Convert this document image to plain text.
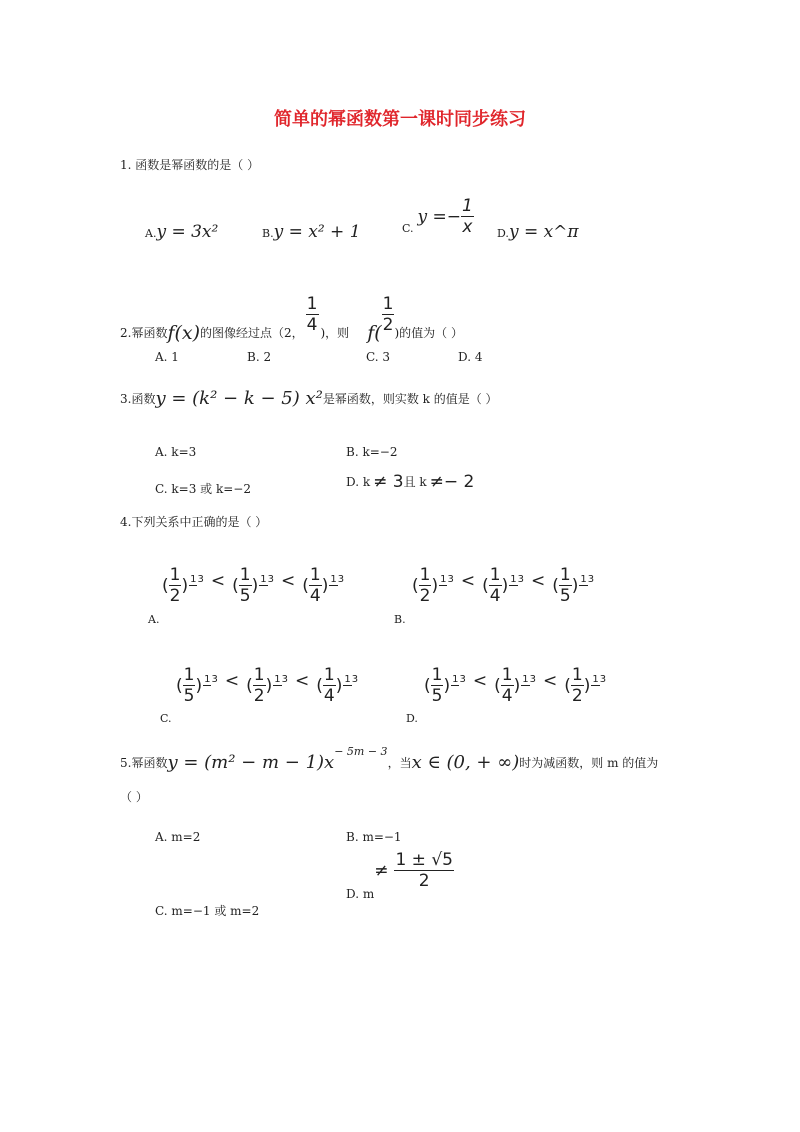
简单的幂函数第一课时同步练习
1. 函数是幂函数的是（ ）
A.y = 3x²	B.y = x² + 1	C.
$y =- \frac{1}{x} D.y$ = x^π
2.幂函数 f(x) 的图像经过点（2， $\frac{1}{4}$ )，则 $f( \frac{1}{2}$ )的值为（ ）
A. 1	B. 2	C. 3	D. 4
3.函数 y = (k² − k − 5) x² 是幂函数，则实数 k 的值是（ ）
A. k=3	B. k=−2
C. k=3 或 k=−2	D. k ≠ 3 且 k ≠− 2
4.下列关系中正确的是（ ）
A.
( $\frac{1}{2}$ ) 13 < ( $\frac{1}{5}$ ) 13 < ( $\frac{1}{4}$ ) 13
B.
( $\frac{1}{2}$ ) 13 < ( $\frac{1}{4}$ ) 13 < ( $\frac{1}{5}$ ) 13
C.
( $\frac{1}{5}$ ) 13 < ( $\frac{1}{2}$ ) 13 < ( $\frac{1}{4}$ ) 13
D.
( $\frac{1}{5}$ ) 13 < ( $\frac{1}{4}$ ) 13 < ( $\frac{1}{2}$ ) 13
5.幂函数 y = (m² − m − 1)x
− 5m − 3
，当 x ∈ (0, + ∞) 时为减函数，则 m 的值为
（ ）
A. m=2	B. m=−1
C. m=−1 或 m=2
D. m
≠ $\frac{1 \pm √5}{2}$
